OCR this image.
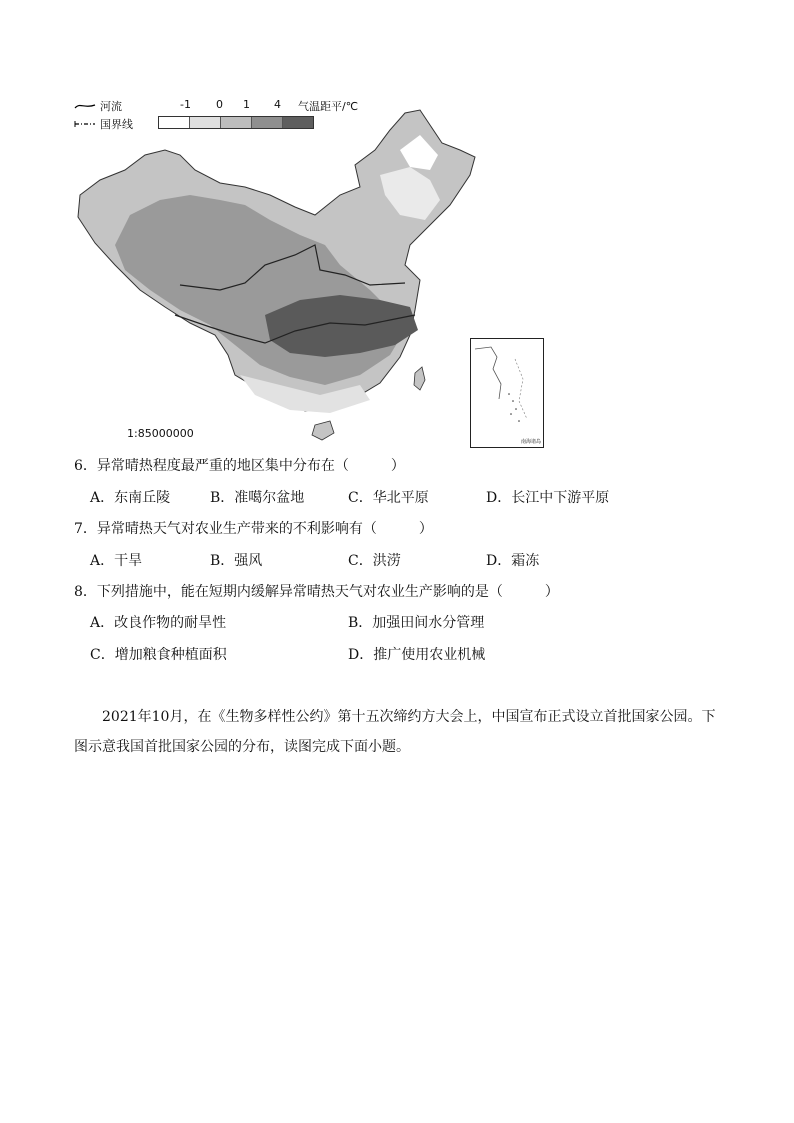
河流
国界线
-1 0 1 4 气温距平/℃
1:85000000
南海诸岛
6．异常晴热程度最严重的地区集中分布在（　　　）
A．东南丘陵	B．准噶尔盆地	C．华北平原	D．长江中下游平原
7．异常晴热天气对农业生产带来的不利影响有（　　　）
A．干旱	B．强风	C．洪涝	D．霜冻
8．下列措施中，能在短期内缓解异常晴热天气对农业生产影响的是（　　　）
A．改良作物的耐旱性	B．加强田间水分管理
C．增加粮食种植面积	D．推广使用农业机械
2021年10月，在《生物多样性公约》第十五次缔约方大会上，中国宣布正式设立首批国家公园。下图示意我国首批国家公园的分布，读图完成下面小题。
